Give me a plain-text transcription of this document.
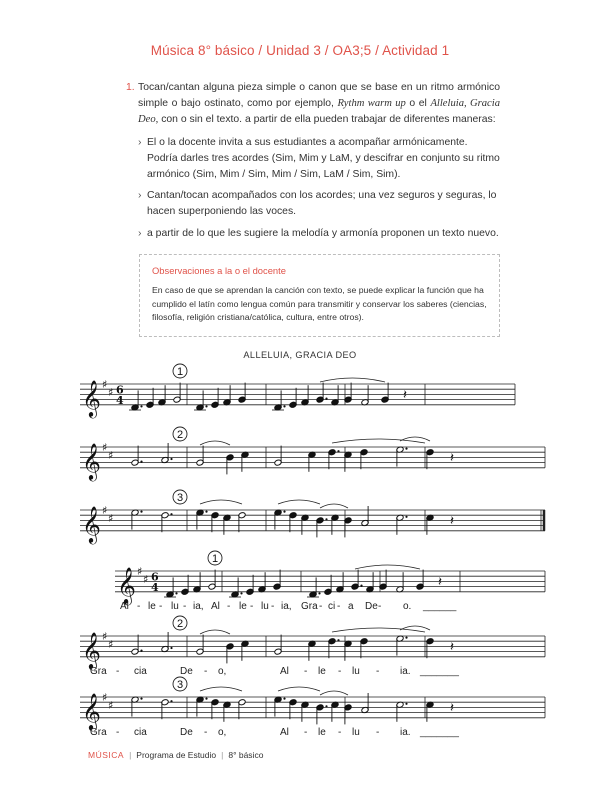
Música 8° básico / Unidad 3 / OA3;5 / Actividad 1
1. Tocan/cantan alguna pieza simple o canon que se base en un ritmo armónico simple o bajo ostinato, como por ejemplo, Rythm warm up o el Alleluia, Gracia Deo, con o sin el texto. a partir de ella pueden trabajar de diferentes maneras:

› El o la docente invita a sus estudiantes a acompañar armónicamente. Podría darles tres acordes (Sim, Mim y LaM, y descifrar en conjunto su ritmo armónico (Sim, Mim / Sim, Mim / Sim, LaM / Sim, Sim).
› Cantan/tocan acompañados con los acordes; una vez seguros y seguras, lo hacen superponiendo las voces.
› a partir de lo que les sugiere la melodía y armonía proponen un texto nuevo.
Observaciones a la o el docente
En caso de que se aprendan la canción con texto, se puede explicar la función que ha cumplido el latín como lengua común para transmitir y conservar los saberes (ciencias, filosofía, religión cristiana/católica, cultura, entre otros).
ALLELUIA, GRACIA DEO
𝄞 ♯
♯ 6
4
1
𝄽
𝄞 ♯
♯
2
𝄽
𝄞 ♯
♯
3
𝄽
𝄞 ♯
♯ 6
4
1
𝄽
Al - le - lu - ia, Al - le - lu - ia, Gra - ci - a De - o. ______
𝄞 ♯
♯
2
𝄽
Gra - cia	De - o,	Al - le - lu - ia. _______
𝄞 ♯
♯
3
𝄽
Gra - cia	De - o,	Al - le - lu - ia. _______
MÚSICA | Programa de Estudio | 8° básico
